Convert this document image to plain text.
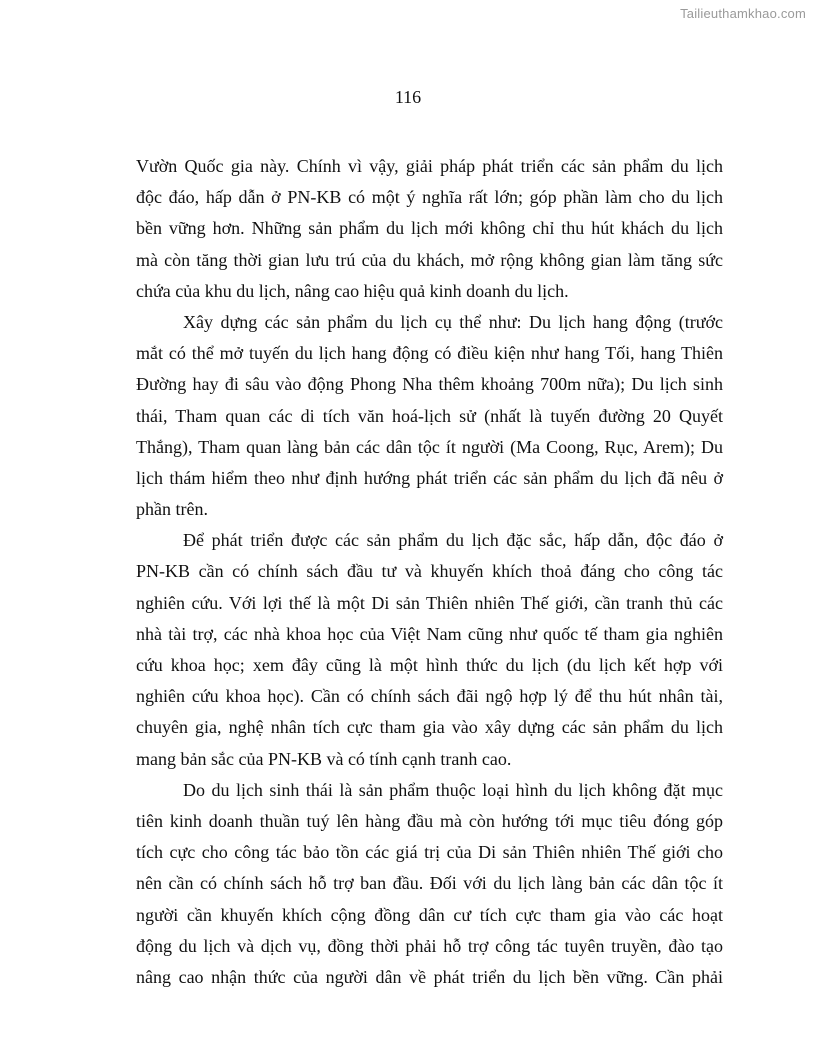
Tailieuthamkhao.com
116
Vườn Quốc gia này. Chính vì vậy, giải pháp phát triển các sản phẩm du lịch
độc đáo, hấp dẫn ở PN-KB có một ý nghĩa rất lớn; góp phần làm cho du lịch
bền vững hơn. Những sản phẩm du lịch mới không chỉ thu hút khách du lịch
mà còn tăng thời gian lưu trú của du khách, mở rộng không gian làm tăng sức
chứa của khu du lịch, nâng cao hiệu quả kinh doanh du lịch.
Xây dựng các sản phẩm du lịch cụ thể như: Du lịch hang động (trước
mắt có thể mở tuyến du lịch hang động có điều kiện như hang Tối, hang Thiên
Đường hay đi sâu vào động Phong Nha thêm khoảng 700m nữa); Du lịch sinh
thái, Tham quan các di tích văn hoá-lịch sử (nhất là tuyến đường 20 Quyết
Thắng), Tham quan làng bản các dân tộc ít người (Ma Coong, Rục, Arem); Du
lịch thám hiểm theo như định hướng phát triển các sản phẩm du lịch đã nêu ở
phần trên.
Để phát triển được các sản phẩm du lịch đặc sắc, hấp dẫn, độc đáo ở
PN-KB cần có chính sách đầu tư và khuyến khích thoả đáng cho công tác
nghiên cứu. Với lợi thế là một Di sản Thiên nhiên Thế giới, cần tranh thủ các
nhà tài trợ, các nhà khoa học của Việt Nam cũng như quốc tế tham gia nghiên
cứu khoa học; xem đây cũng là một hình thức du lịch (du lịch kết hợp với
nghiên cứu khoa học). Cần có chính sách đãi ngộ hợp lý để thu hút nhân tài,
chuyên gia, nghệ nhân tích cực tham gia vào xây dựng các sản phẩm du lịch
mang bản sắc của PN-KB và có tính cạnh tranh cao.
Do du lịch sinh thái là sản phẩm thuộc loại hình du lịch không đặt mục
tiên kinh doanh thuần tuý lên hàng đầu mà còn hướng tới mục tiêu đóng góp
tích cực cho công tác bảo tồn các giá trị của Di sản Thiên nhiên Thế giới cho
nên cần có chính sách hỗ trợ ban đầu. Đối với du lịch làng bản các dân tộc ít
người cần khuyến khích cộng đồng dân cư tích cực tham gia vào các hoạt
động du lịch và dịch vụ, đồng thời phải hỗ trợ công tác tuyên truyền, đào tạo
nâng cao nhận thức của người dân về phát triển du lịch bền vững. Cần phải
